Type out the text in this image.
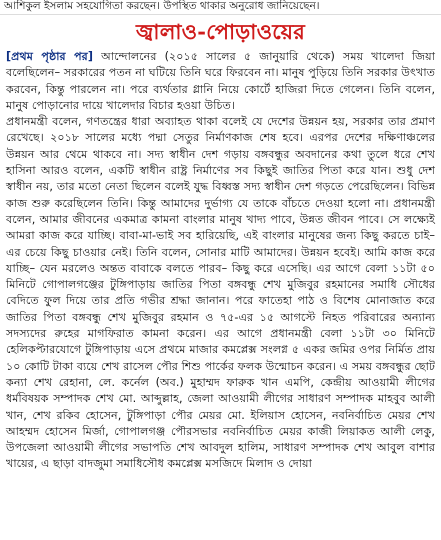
আশিকুল ইসলাম সহযোগিতা করছেন। উপস্থিত থাকার অনুরোধ জানিয়েছেন।
জ্বালাও-পোড়াওয়ের

[প্রথম পৃষ্ঠার পর] আন্দোলনের (২০১৫ সালের ৫ জানুয়ারি থেকে) সময় খালেদা জিয়া বলেছিলেন– সরকারের পতন না ঘটিয়ে তিনি ঘরে ফিরবেন না। মানুষ পুড়িয়ে তিনি সরকার উৎখাত করবেন, কিন্তু পারলেন না। পরে ব্যর্থতার গ্লানি নিয়ে কোর্টে হাজিরা দিতে গেলেন। তিনি বলেন, মানুষ পোড়ানোর দায়ে খালেদার বিচার হওয়া উচিত।

প্রধানমন্ত্রী বলেন, গণতন্ত্রের ধারা অব্যাহত থাকা বলেই যে দেশের উন্নয়ন হয়, সরকার তার প্রমাণ রেখেছে। ২০১৮ সালের মধ্যে পদ্মা সেতুর নির্মাণকাজ শেষ হবে। এরপর দেশের দক্ষিণাঞ্চলের উন্নয়ন আর থেমে থাকবে না। সদ্য স্বাধীন দেশ গড়ায় বঙ্গবন্ধুর অবদানের কথা তুলে ধরে শেখ হাসিনা আরও বলেন, একটি স্বাধীন রাষ্ট্র নির্মাণের সব কিছুই জাতির পিতা করে যান। শুধু দেশ স্বাধীন নয়, তার মতো নেতা ছিলেন বলেই যুদ্ধ বিধ্বস্ত সদ্য স্বাধীন দেশ গড়তে পেরেছিলেন। বিভিন্ন কাজ শুরু করেছিলেন তিনি। কিন্তু আমাদের দুর্ভাগ্য যে তাকে বাঁচতে দেওয়া হলো না। প্রধানমন্ত্রী বলেন, আমার জীবনের একমাত্র কামনা বাংলার মানুষ খাদ্য পাবে, উন্নত জীবন পাবে। সে লক্ষ্যেই আমরা কাজ করে যাচ্ছি। বাবা-মা-ভাই সব হারিয়েছি, এই বাংলার মানুষের জন্য কিছু করতে চাই– এর চেয়ে কিছু চাওয়ার নেই। তিনি বলেন, সোনার মাটি আমাদের। উন্নয়ন হবেই। আমি কাজ করে যাচ্ছি– যেন মরলেও অন্তত বাবাকে বলতে পারব– কিছু করে এসেছি। এর আগে বেলা ১১টা ৫০ মিনিটে গোপালগঞ্জের টুঙ্গিপাড়ায় জাতির পিতা বঙ্গবন্ধু শেখ মুজিবুর রহমানের সমাধি সৌধের বেদিতে ফুল দিয়ে তার প্রতি গভীর শ্রদ্ধা জানান। পরে ফাতেহা পাঠ ও বিশেষ মোনাজাত করে জাতির পিতা বঙ্গবন্ধু শেখ মুজিবুর রহমান ও ৭৫-এর ১৫ আগস্টে নিহত পরিবারের অন্যান্য সদস্যদের রুহের মাগফিরাত কামনা করেন। এর আগে প্রধানমন্ত্রী বেলা ১১টা ৩০ মিনিটে হেলিকপ্টারযোগে টুঙ্গিপাড়ায় এসে প্রথমে মাজার কমপ্লেক্স সংলগ্ন ৫ একর জমির ওপর নির্মিত প্রায় ১০ কোটি টাকা ব্যয়ে শেখ রাসেল পৌর শিশু পার্কের ফলক উন্মোচন করেন। এ সময় বঙ্গবন্ধুর ছোট কন্যা শেখ রেহানা, লে. কর্নেল (অব.) মুহাম্মদ ফারুক খান এমপি, কেন্দ্রীয় আওয়ামী লীগের ধর্মবিষয়ক সম্পাদক শেখ মো. আব্দুল্লাহ, জেলা আওয়ামী লীগের সাধারণ সম্পাদক মাহবুব আলী খান, শেখ রকিব হোসেন, টুঙ্গিপাড়া পৌর মেয়র মো. ইলিয়াস হোসেন, নবনির্বাচিত মেয়র শেখ আহম্মদ হোসেন মির্জা, গোপালগঞ্জ পৌরসভার নবনির্বাচিত মেয়র কাজী লিয়াকত আলী লেকু, উপজেলা আওয়ামী লীগের সভাপতি শেখ আবদুল হালিম, সাধারণ সম্পাদক শেখ আবুল বাশার খায়ের, এ ছাড়া বাদজুমা সমাধিসৌধ কমপ্লেক্স মসজিদে মিলাদ ও দোয়া
